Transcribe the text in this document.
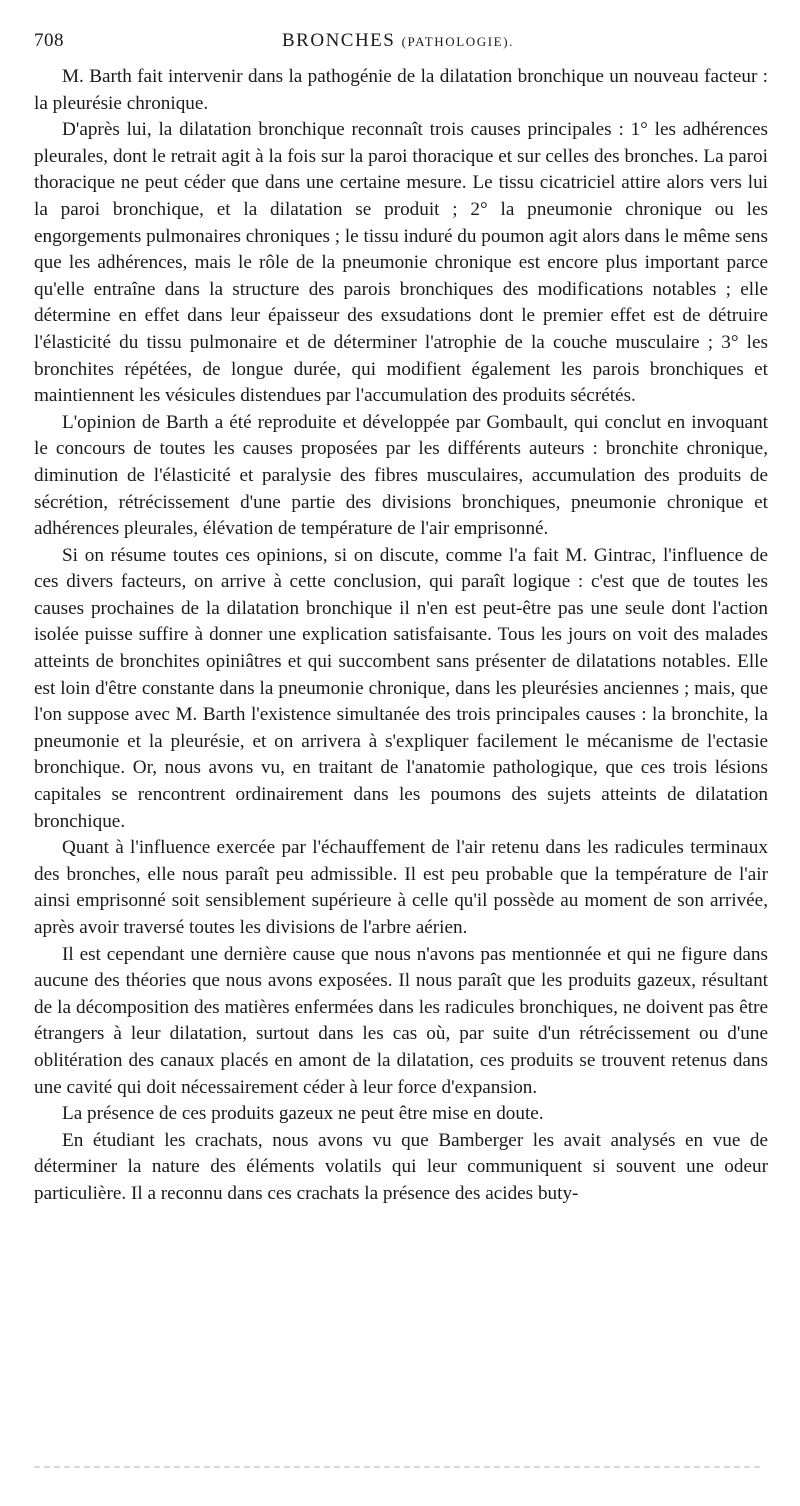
708	BRONCHES (PATHOLOGIE).

M. Barth fait intervenir dans la pathogénie de la dilatation bronchique un nouveau facteur : la pleurésie chronique.

D'après lui, la dilatation bronchique reconnaît trois causes principales : 1° les adhérences pleurales, dont le retrait agit à la fois sur la paroi thoracique et sur celles des bronches. La paroi thoracique ne peut céder que dans une certaine mesure. Le tissu cicatriciel attire alors vers lui la paroi bronchique, et la dilatation se produit ; 2° la pneumonie chronique ou les engorgements pulmonaires chroniques ; le tissu induré du poumon agit alors dans le même sens que les adhérences, mais le rôle de la pneumonie chronique est encore plus important parce qu'elle entraîne dans la structure des parois bronchiques des modifications notables ; elle détermine en effet dans leur épaisseur des exsudations dont le premier effet est de détruire l'élasticité du tissu pulmonaire et de déterminer l'atrophie de la couche musculaire ; 3° les bronchites répétées, de longue durée, qui modifient également les parois bronchiques et maintiennent les vésicules distendues par l'accumulation des produits sécrétés.

L'opinion de Barth a été reproduite et développée par Gombault, qui conclut en invoquant le concours de toutes les causes proposées par les différents auteurs : bronchite chronique, diminution de l'élasticité et paralysie des fibres musculaires, accumulation des produits de sécrétion, rétrécissement d'une partie des divisions bronchiques, pneumonie chronique et adhérences pleurales, élévation de température de l'air emprisonné.

Si on résume toutes ces opinions, si on discute, comme l'a fait M. Gintrac, l'influence de ces divers facteurs, on arrive à cette conclusion, qui paraît logique : c'est que de toutes les causes prochaines de la dilatation bronchique il n'en est peut-être pas une seule dont l'action isolée puisse suffire à donner une explication satisfaisante. Tous les jours on voit des malades atteints de bronchites opiniâtres et qui succombent sans présenter de dilatations notables. Elle est loin d'être constante dans la pneumonie chronique, dans les pleurésies anciennes ; mais, que l'on suppose avec M. Barth l'existence simultanée des trois principales causes : la bronchite, la pneumonie et la pleurésie, et on arrivera à s'expliquer facilement le mécanisme de l'ectasie bronchique. Or, nous avons vu, en traitant de l'anatomie pathologique, que ces trois lésions capitales se rencontrent ordinairement dans les poumons des sujets atteints de dilatation bronchique.

Quant à l'influence exercée par l'échauffement de l'air retenu dans les radicules terminaux des bronches, elle nous paraît peu admissible. Il est peu probable que la température de l'air ainsi emprisonné soit sensiblement supérieure à celle qu'il possède au moment de son arrivée, après avoir traversé toutes les divisions de l'arbre aérien.

Il est cependant une dernière cause que nous n'avons pas mentionnée et qui ne figure dans aucune des théories que nous avons exposées. Il nous paraît que les produits gazeux, résultant de la décomposition des matières enfermées dans les radicules bronchiques, ne doivent pas être étrangers à leur dilatation, surtout dans les cas où, par suite d'un rétrécissement ou d'une oblitération des canaux placés en amont de la dilatation, ces produits se trouvent retenus dans une cavité qui doit nécessairement céder à leur force d'expansion.

La présence de ces produits gazeux ne peut être mise en doute.

En étudiant les crachats, nous avons vu que Bamberger les avait analysés en vue de déterminer la nature des éléments volatils qui leur communiquent si souvent une odeur particulière. Il a reconnu dans ces crachats la présence des acides buty-
